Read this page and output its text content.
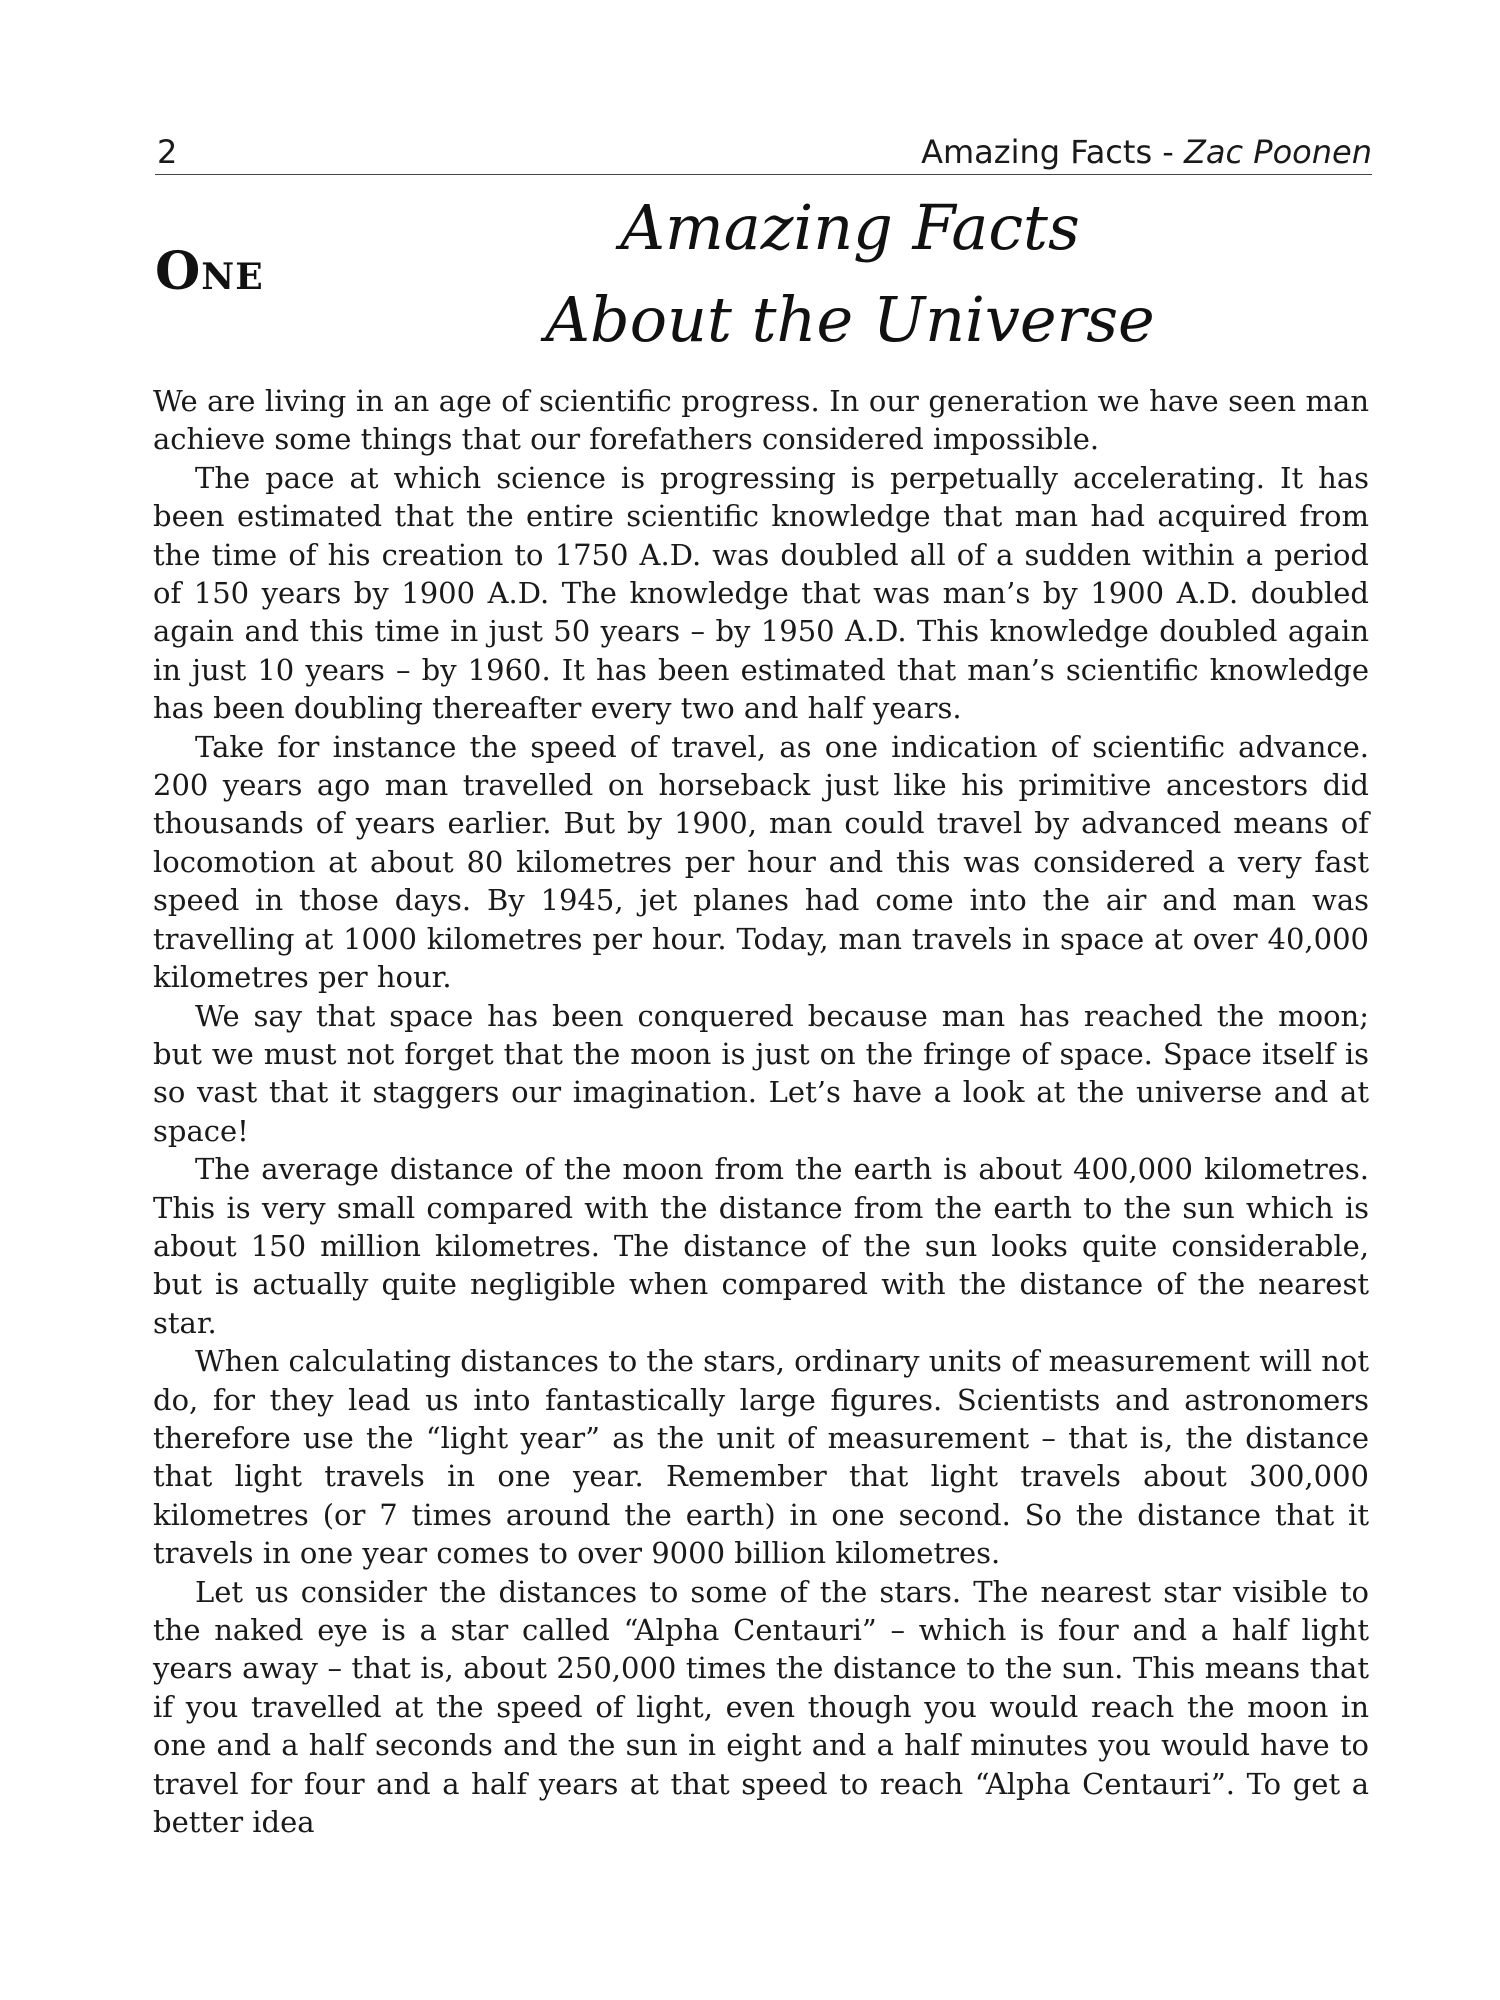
2	Amazing Facts - Zac Poonen
One
Amazing Facts
About the Universe

We are living in an age of scientific progress. In our generation we have seen man achieve some things that our forefathers considered impossible.

The pace at which science is progressing is perpetually accelerating. It has been estimated that the entire scientific knowledge that man had acquired from the time of his creation to 1750 A.D. was doubled all of a sudden within a period of 150 years by 1900 A.D. The knowledge that was man’s by 1900 A.D. doubled again and this time in just 50 years – by 1950 A.D. This knowledge doubled again in just 10 years – by 1960. It has been estimated that man’s scientific knowledge has been doubling thereafter every two and half years.

Take for instance the speed of travel, as one indication of scientific advance. 200 years ago man travelled on horseback just like his primitive ancestors did thousands of years earlier. But by 1900, man could travel by advanced means of locomotion at about 80 kilometres per hour and this was considered a very fast speed in those days. By 1945, jet planes had come into the air and man was travelling at 1000 kilometres per hour. Today, man travels in space at over 40,000 kilometres per hour.

We say that space has been conquered because man has reached the moon; but we must not forget that the moon is just on the fringe of space. Space itself is so vast that it staggers our imagination. Let’s have a look at the universe and at space!

The average distance of the moon from the earth is about 400,000 kilometres. This is very small compared with the distance from the earth to the sun which is about 150 million kilometres. The distance of the sun looks quite considerable, but is actually quite negligible when compared with the distance of the nearest star.

When calculating distances to the stars, ordinary units of measurement will not do, for they lead us into fantastically large figures. Scientists and astronomers therefore use the “light year” as the unit of measurement – that is, the distance that light travels in one year. Remember that light travels about 300,000 kilometres (or 7 times around the earth) in one second. So the distance that it travels in one year comes to over 9000 billion kilometres.

Let us consider the distances to some of the stars. The nearest star visible to the naked eye is a star called “Alpha Centauri” – which is four and a half light years away – that is, about 250,000 times the distance to the sun. This means that if you travelled at the speed of light, even though you would reach the moon in one and a half seconds and the sun in eight and a half minutes you would have to travel for four and a half years at that speed to reach “Alpha Centauri”. To get a better idea
